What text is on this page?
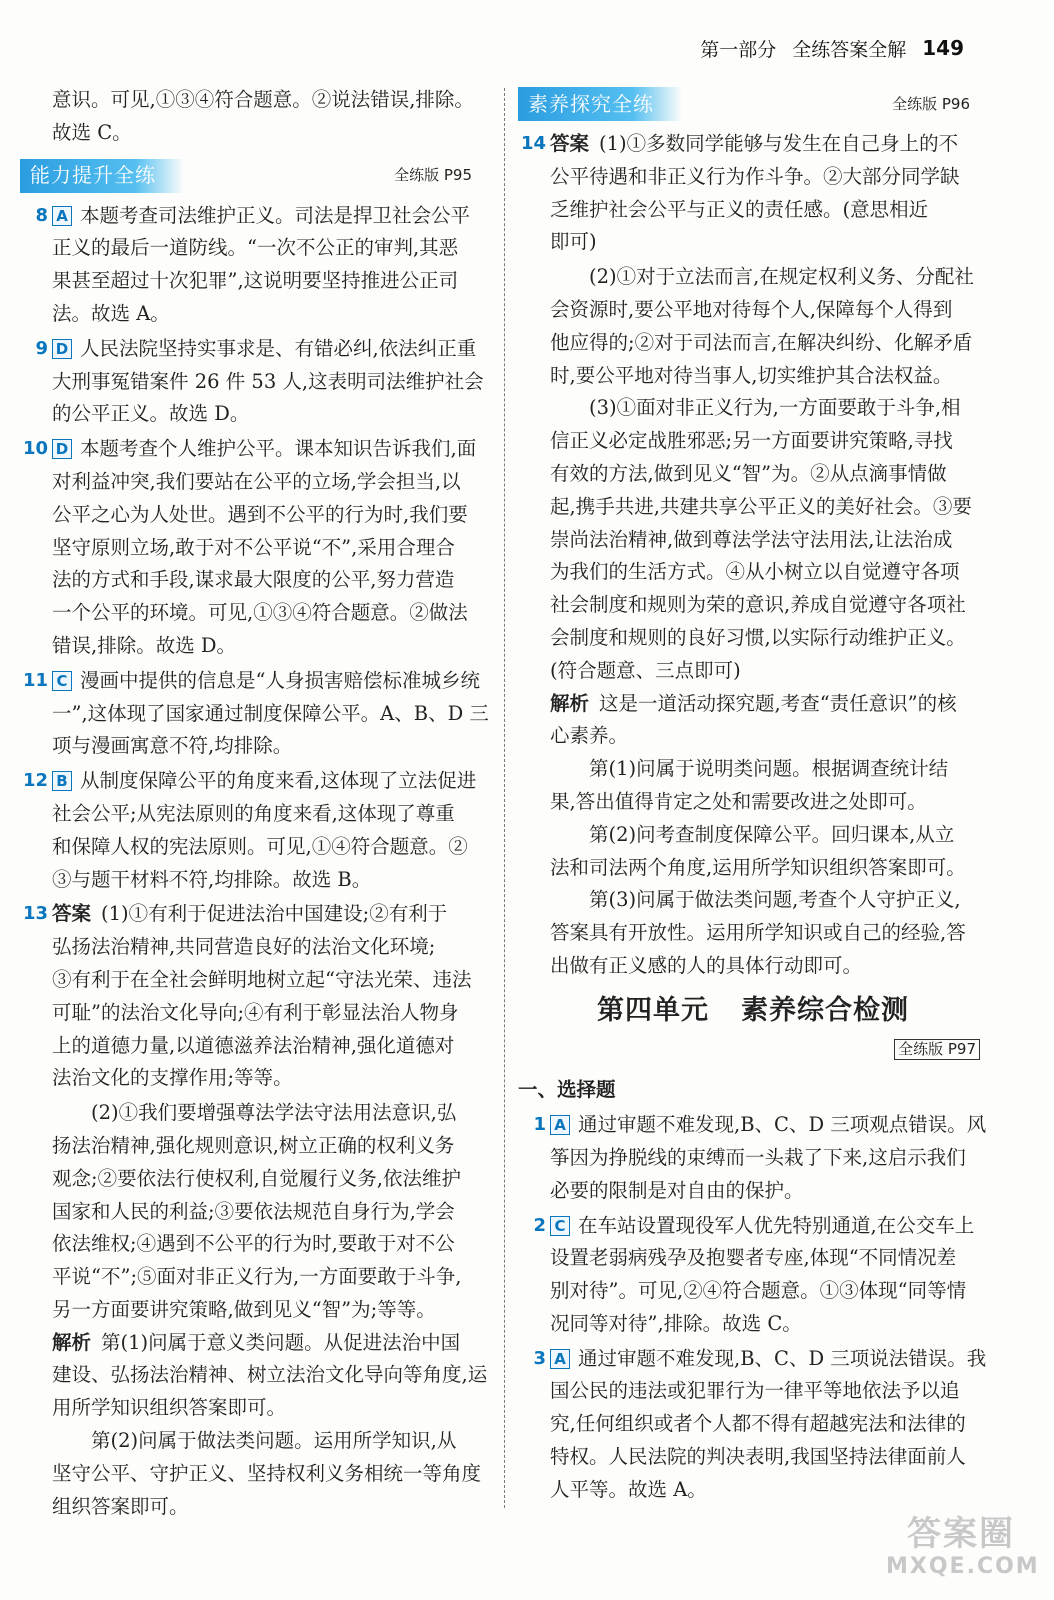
第一部分 全练答案全解 149

意识。可见,①③④符合题意。②说法错误,排除。
故选 C。

能力提升全练	全练版 P95
8 A 本题考查司法维护正义。司法是捍卫社会公平
正义的最后一道防线。“一次不公正的审判,其恶
果甚至超过十次犯罪”,这说明要坚持推进公正司
法。故选 A。
9 D 人民法院坚持实事求是、有错必纠,依法纠正重
大刑事冤错案件 26 件 53 人,这表明司法维护社会
的公平正义。故选 D。
10 D 本题考查个人维护公平。课本知识告诉我们,面
对利益冲突,我们要站在公平的立场,学会担当,以
公平之心为人处世。遇到不公平的行为时,我们要
坚守原则立场,敢于对不公平说“不”,采用合理合
法的方式和手段,谋求最大限度的公平,努力营造
一个公平的环境。可见,①③④符合题意。②做法
错误,排除。故选 D。
11 C 漫画中提供的信息是“人身损害赔偿标准城乡统
一”,这体现了国家通过制度保障公平。A、B、D 三
项与漫画寓意不符,均排除。
12 B 从制度保障公平的角度来看,这体现了立法促进
社会公平;从宪法原则的角度来看,这体现了尊重
和保障人权的宪法原则。可见,①④符合题意。②
③与题干材料不符,均排除。故选 B。
13 答案 (1)①有利于促进法治中国建设;②有利于
弘扬法治精神,共同营造良好的法治文化环境;
③有利于在全社会鲜明地树立起“守法光荣、违法
可耻”的法治文化导向;④有利于彰显法治人物身
上的道德力量,以道德滋养法治精神,强化道德对
法治文化的支撑作用;等等。

(2)①我们要增强尊法学法守法用法意识,弘
扬法治精神,强化规则意识,树立正确的权利义务
观念;②要依法行使权利,自觉履行义务,依法维护
国家和人民的利益;③要依法规范自身行为,学会
依法维权;④遇到不公平的行为时,要敢于对不公
平说“不”;⑤面对非正义行为,一方面要敢于斗争,
另一方面要讲究策略,做到见义“智”为;等等。

解析 第(1)问属于意义类问题。从促进法治中国
建设、弘扬法治精神、树立法治文化导向等角度,运
用所学知识组织答案即可。

第(2)问属于做法类问题。运用所学知识,从
坚守公平、守护正义、坚持权利义务相统一等角度
组织答案即可。

素养探究全练	全练版 P96
14 答案 (1)①多数同学能够与发生在自己身上的不
公平待遇和非正义行为作斗争。②大部分同学缺
乏维护社会公平与正义的责任感。(意思相近
即可)

(2)①对于立法而言,在规定权利义务、分配社
会资源时,要公平地对待每个人,保障每个人得到
他应得的;②对于司法而言,在解决纠纷、化解矛盾
时,要公平地对待当事人,切实维护其合法权益。

(3)①面对非正义行为,一方面要敢于斗争,相
信正义必定战胜邪恶;另一方面要讲究策略,寻找
有效的方法,做到见义“智”为。②从点滴事情做
起,携手共进,共建共享公平正义的美好社会。③要
崇尚法治精神,做到尊法学法守法用法,让法治成
为我们的生活方式。④从小树立以自觉遵守各项
社会制度和规则为荣的意识,养成自觉遵守各项社
会制度和规则的良好习惯,以实际行动维护正义。
(符合题意、三点即可)

解析 这是一道活动探究题,考查“责任意识”的核
心素养。

第(1)问属于说明类问题。根据调查统计结
果,答出值得肯定之处和需要改进之处即可。

第(2)问考查制度保障公平。回归课本,从立
法和司法两个角度,运用所学知识组织答案即可。

第(3)问属于做法类问题,考查个人守护正义,
答案具有开放性。运用所学知识或自己的经验,答
出做有正义感的人的具体行动即可。

第四单元 素养综合检测
全练版 P97
一、选择题
1 A 通过审题不难发现,B、C、D 三项观点错误。风
筝因为挣脱线的束缚而一头栽了下来,这启示我们
必要的限制是对自由的保护。
2 C 在车站设置现役军人优先特别通道,在公交车上
设置老弱病残孕及抱婴者专座,体现“不同情况差
别对待”。可见,②④符合题意。①③体现“同等情
况同等对待”,排除。故选 C。
3 A 通过审题不难发现,B、C、D 三项说法错误。我
国公民的违法或犯罪行为一律平等地依法予以追
究,任何组织或者个人都不得有超越宪法和法律的
特权。人民法院的判决表明,我国坚持法律面前人
人平等。故选 A。
答案圈
MXQE.COM
